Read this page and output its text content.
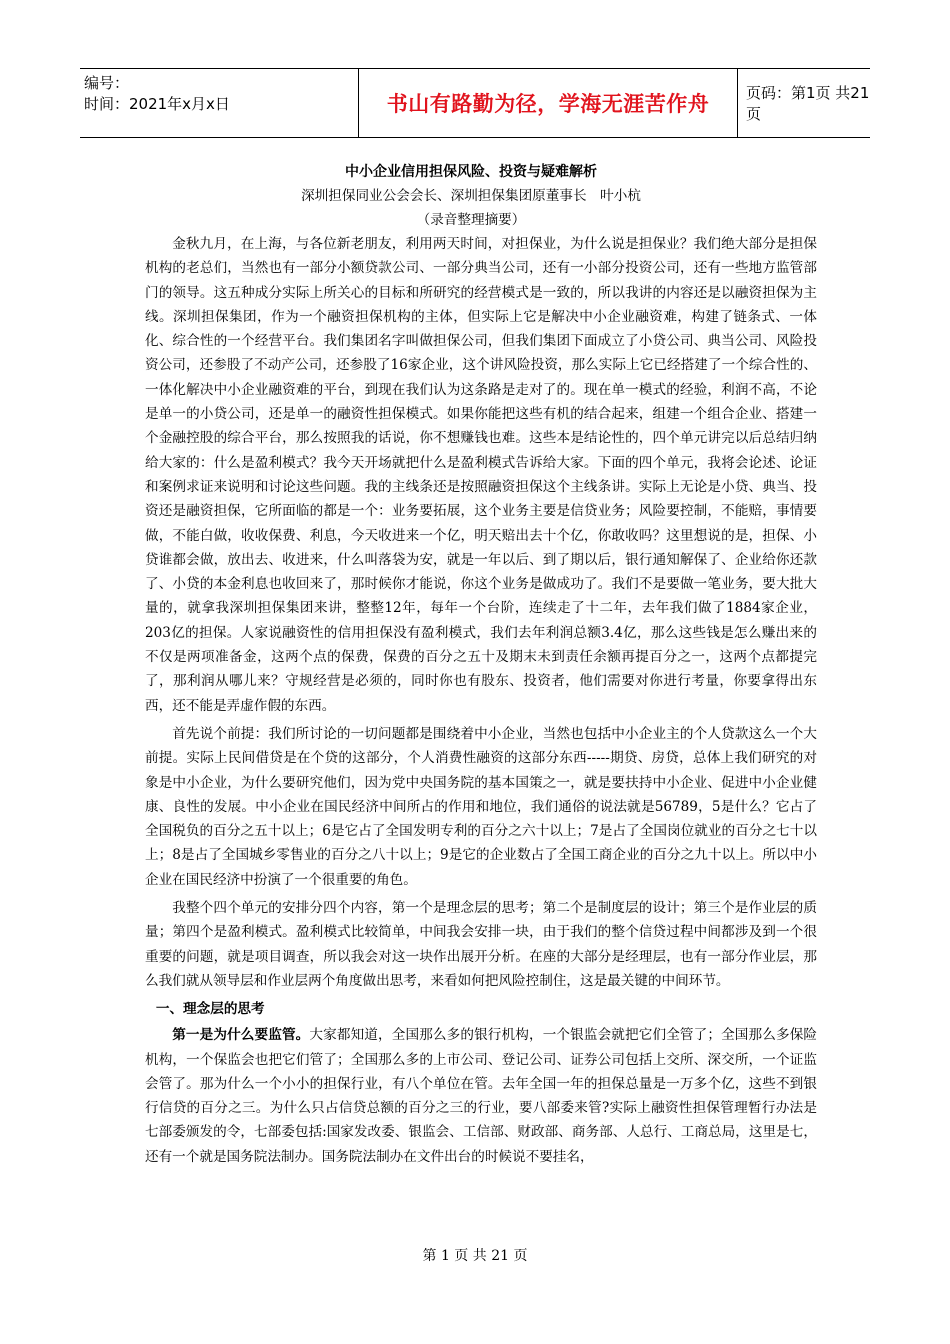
编号：
时间：2021年x月x日	书山有路勤为径，学海无涯苦作舟 页码：第1页 共21页
中小企业信用担保风险、投资与疑难解析
深圳担保同业公会会长、深圳担保集团原董事长　叶小杭
（录音整理摘要）

金秋九月，在上海，与各位新老朋友，利用两天时间，对担保业，为什么说是担保业？我们绝大部分是担保机构的老总们，当然也有一部分小额贷款公司、一部分典当公司，还有一小部分投资公司，还有一些地方监管部门的领导。这五种成分实际上所关心的目标和所研究的经营模式是一致的，所以我讲的内容还是以融资担保为主线。深圳担保集团，作为一个融资担保机构的主体，但实际上它是解决中小企业融资难，构建了链条式、一体化、综合性的一个经营平台。我们集团名字叫做担保公司，但我们集团下面成立了小贷公司、典当公司、风险投资公司，还参股了不动产公司，还参股了16家企业，这个讲风险投资，那么实际上它已经搭建了一个综合性的、一体化解决中小企业融资难的平台，到现在我们认为这条路是走对了的。现在单一模式的经验，利润不高，不论是单一的小贷公司，还是单一的融资性担保模式。如果你能把这些有机的结合起来，组建一个组合企业、搭建一个金融控股的综合平台，那么按照我的话说，你不想赚钱也难。这些本是结论性的，四个单元讲完以后总结归纳给大家的：什么是盈利模式？我今天开场就把什么是盈利模式告诉给大家。下面的四个单元，我将会论述、论证和案例求证来说明和讨论这些问题。我的主线条还是按照融资担保这个主线条讲。实际上无论是小贷、典当、投资还是融资担保，它所面临的都是一个：业务要拓展，这个业务主要是信贷业务；风险要控制，不能赔，事情要做，不能白做，收收保费、利息，今天收进来一个亿，明天赔出去十个亿，你敢收吗？这里想说的是，担保、小贷谁都会做，放出去、收进来，什么叫落袋为安，就是一年以后、到了期以后，银行通知解保了、企业给你还款了、小贷的本金利息也收回来了，那时候你才能说，你这个业务是做成功了。我们不是要做一笔业务，要大批大量的，就拿我深圳担保集团来讲，整整12年，每年一个台阶，连续走了十二年，去年我们做了1884家企业，203亿的担保。人家说融资性的信用担保没有盈利模式，我们去年利润总额3.4亿，那么这些钱是怎么赚出来的不仅是两项准备金，这两个点的保费，保费的百分之五十及期末未到责任余额再提百分之一，这两个点都提完了，那利润从哪儿来？守规经营是必须的，同时你也有股东、投资者，他们需要对你进行考量，你要拿得出东西，还不能是弄虚作假的东西。

首先说个前提：我们所讨论的一切问题都是围绕着中小企业，当然也包括中小企业主的个人贷款这么一个大前提。实际上民间借贷是在个贷的这部分，个人消费性融资的这部分东西-----期贷、房贷，总体上我们研究的对象是中小企业，为什么要研究他们，因为党中央国务院的基本国策之一，就是要扶持中小企业、促进中小企业健康、良性的发展。中小企业在国民经济中间所占的作用和地位，我们通俗的说法就是56789，5是什么？它占了全国税负的百分之五十以上；6是它占了全国发明专利的百分之六十以上；7是占了全国岗位就业的百分之七十以上；8是占了全国城乡零售业的百分之八十以上；9是它的企业数占了全国工商企业的百分之九十以上。所以中小企业在国民经济中扮演了一个很重要的角色。

我整个四个单元的安排分四个内容，第一个是理念层的思考；第二个是制度层的设计；第三个是作业层的质量；第四个是盈利模式。盈利模式比较简单，中间我会安排一块，由于我们的整个信贷过程中间都涉及到一个很重要的问题，就是项目调查，所以我会对这一块作出展开分析。在座的大部分是经理层，也有一部分作业层，那么我们就从领导层和作业层两个角度做出思考，来看如何把风险控制住，这是最关键的中间环节。

一、理念层的思考

第一是为什么要监管。大家都知道，全国那么多的银行机构，一个银监会就把它们全管了；全国那么多保险机构，一个保监会也把它们管了；全国那么多的上市公司、登记公司、证券公司包括上交所、深交所，一个证监会管了。那为什么一个小小的担保行业，有八个单位在管。去年全国一年的担保总量是一万多个亿，这些不到银行信贷的百分之三。为什么只占信贷总额的百分之三的行业，要八部委来管?实际上融资性担保管理暂行办法是七部委颁发的令，七部委包括:国家发改委、银监会、工信部、财政部、商务部、人总行、工商总局，这里是七，还有一个就是国务院法制办。国务院法制办在文件出台的时候说不要挂名，

第 1 页 共 21 页
